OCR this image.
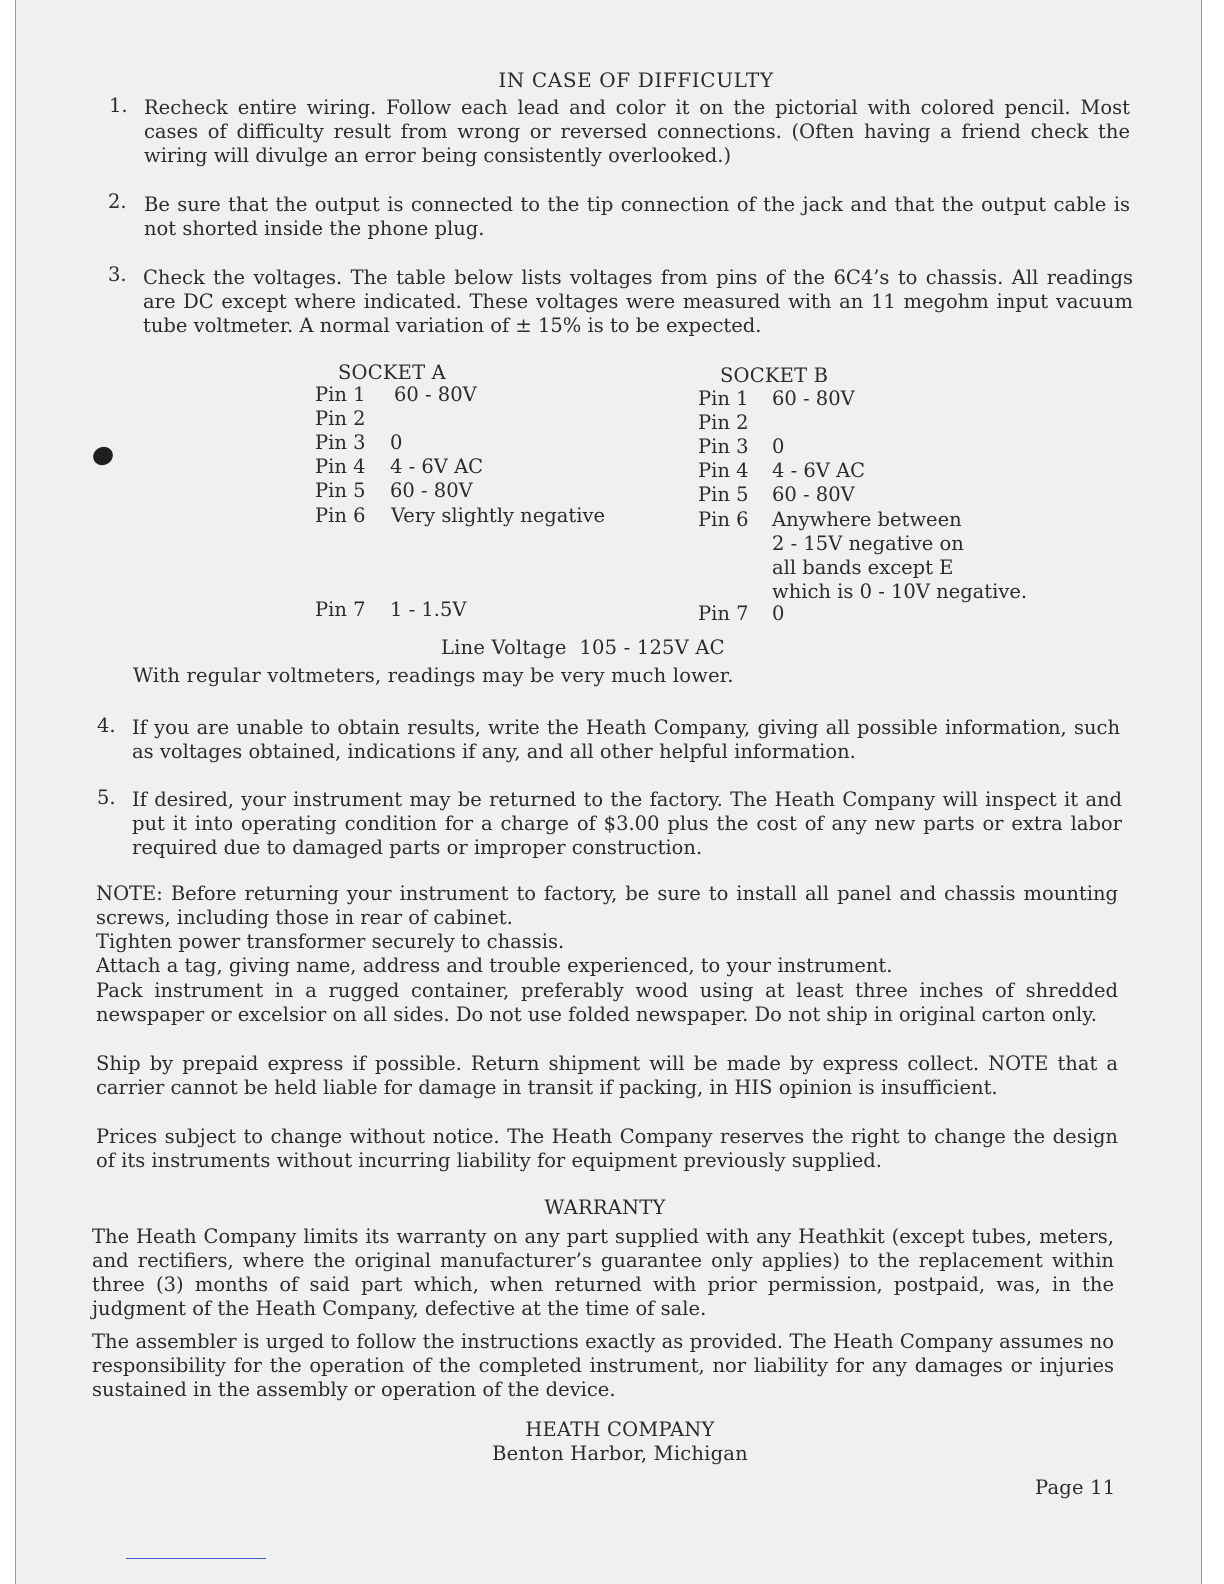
IN CASE OF DIFFICULTY
1. Recheck entire wiring. Follow each lead and color it on the pictorial with colored pencil. Most cases of difficulty result from wrong or reversed connections. (Often having a friend check the wiring will divulge an error being consistently overlooked.)
2. Be sure that the output is connected to the tip connection of the jack and that the output cable is not shorted inside the phone plug.
3. Check the voltages. The table below lists voltages from pins of the 6C4’s to chassis. All readings are DC except where indicated. These voltages were measured with an 11 megohm input vacuum tube voltmeter. A normal variation of ± 15% is to be expected.
SOCKET A
Pin 1 60 - 80V
Pin 2
Pin 3 0
Pin 4 4 - 6V AC
Pin 5 60 - 80V
Pin 6 Very slightly negative
Pin 7 1 - 1.5V
SOCKET B
Pin 1 60 - 80V
Pin 2
Pin 3 0
Pin 4 4 - 6V AC
Pin 5 60 - 80V
Pin 6 Anywhere between
2 - 15V negative on
all bands except E
which is 0 - 10V negative.
Pin 7 0
Line Voltage  105 - 125V AC
With regular voltmeters, readings may be very much lower.
4. If you are unable to obtain results, write the Heath Company, giving all possible information, such as voltages obtained, indications if any, and all other helpful information.
5. If desired, your instrument may be returned to the factory. The Heath Company will inspect it and put it into operating condition for a charge of $3.00 plus the cost of any new parts or extra labor required due to damaged parts or improper construction.
NOTE: Before returning your instrument to factory, be sure to install all panel and chassis mounting screws, including those in rear of cabinet.
Tighten power transformer securely to chassis.
Attach a tag, giving name, address and trouble experienced, to your instrument.
Pack instrument in a rugged container, preferably wood using at least three inches of shredded newspaper or excelsior on all sides. Do not use folded newspaper. Do not ship in original carton only.
Ship by prepaid express if possible. Return shipment will be made by express collect. NOTE that a carrier cannot be held liable for damage in transit if packing, in HIS opinion is insufficient.
Prices subject to change without notice. The Heath Company reserves the right to change the design of its instruments without incurring liability for equipment previously supplied.
WARRANTY
The Heath Company limits its warranty on any part supplied with any Heathkit (except tubes, meters, and rectifiers, where the original manufacturer’s guarantee only applies) to the replacement within three (3) months of said part which, when returned with prior permission, postpaid, was, in the judgment of the Heath Company, defective at the time of sale.
The assembler is urged to follow the instructions exactly as provided. The Heath Company assumes no responsibility for the operation of the completed instrument, nor liability for any damages or injuries sustained in the assembly or operation of the device.
HEATH COMPANY
Benton Harbor, Michigan
Page 11
